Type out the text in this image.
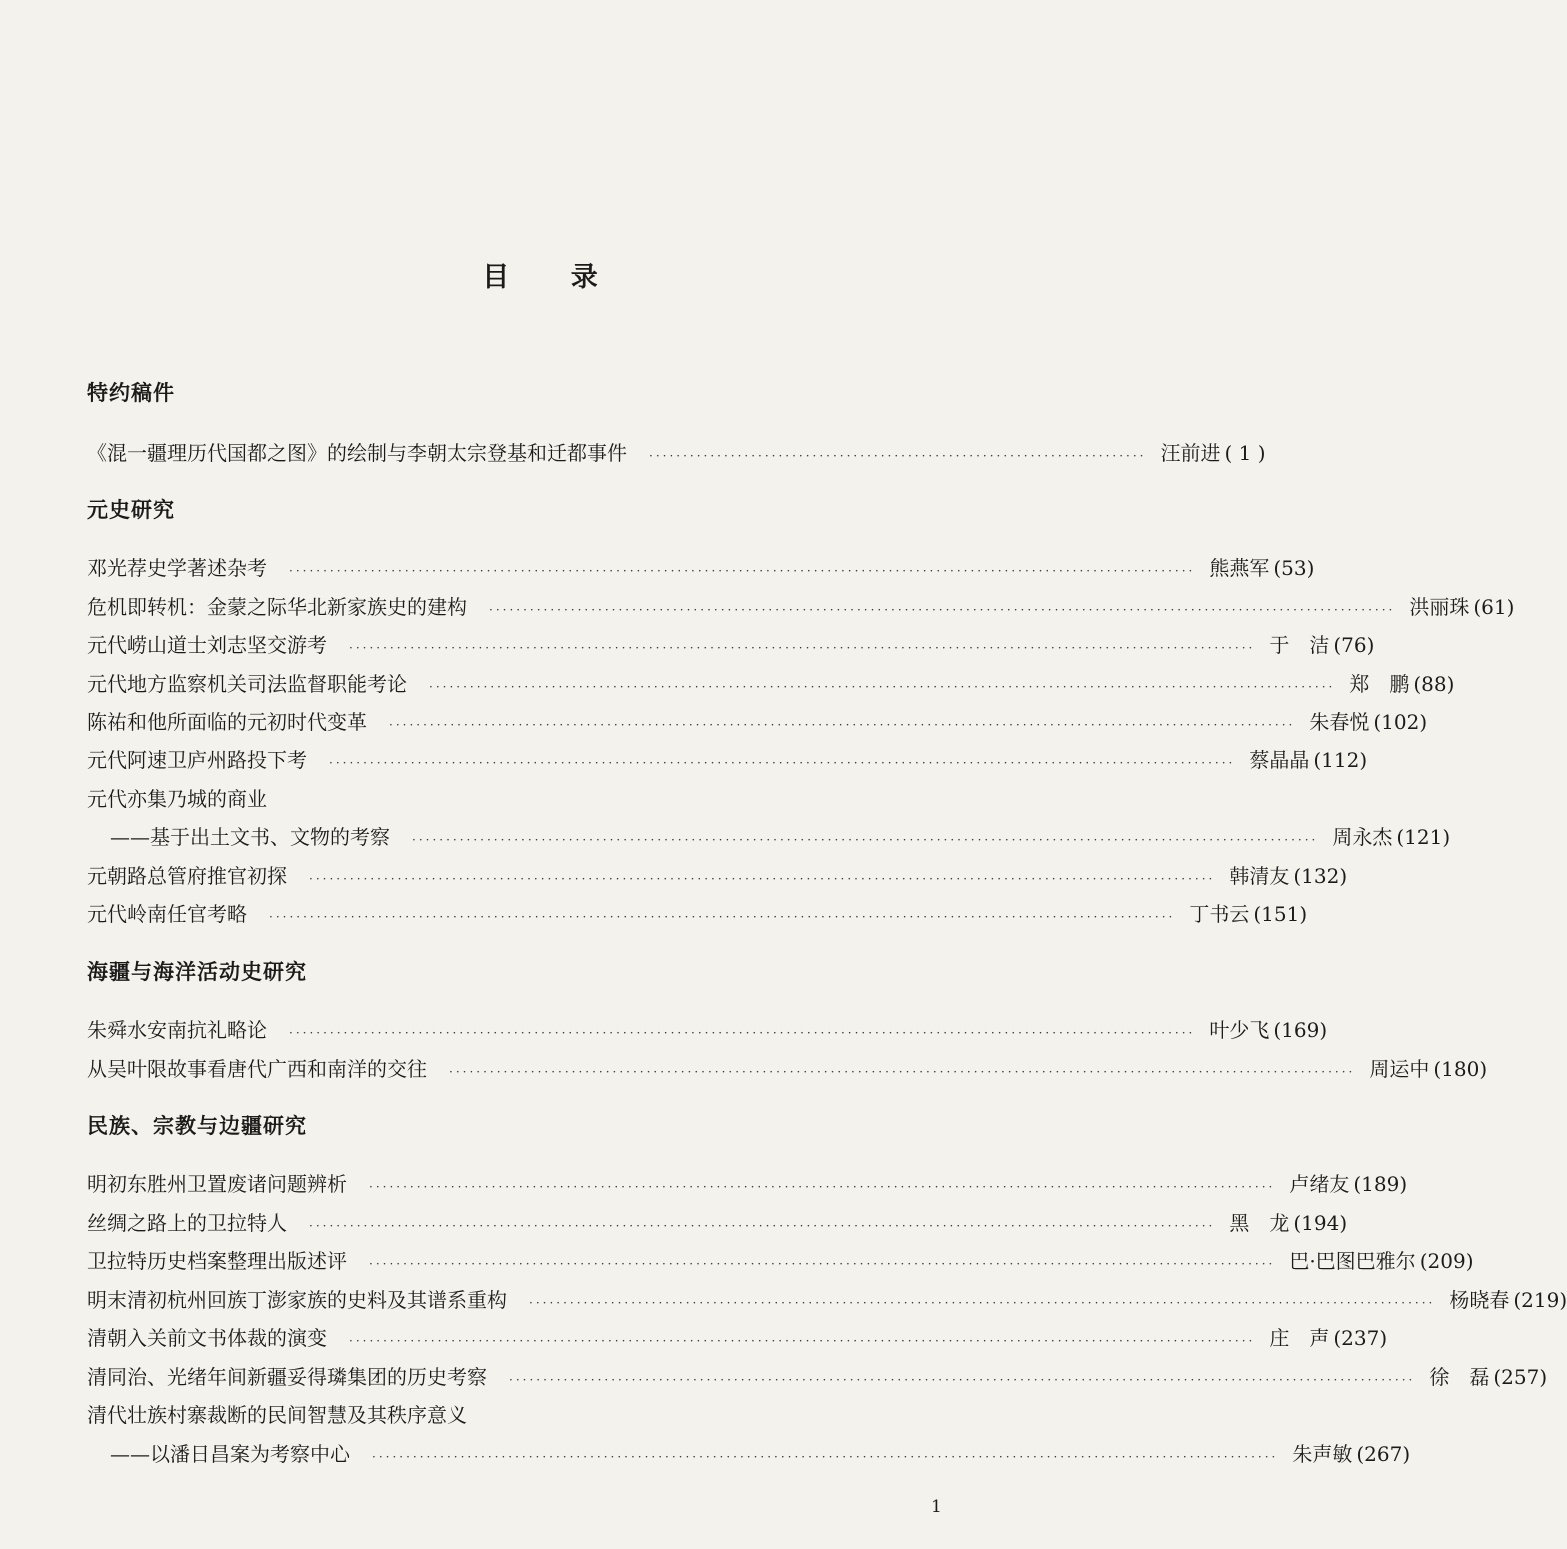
目 录
特约稿件
《混一疆理历代国都之图》的绘制与李朝太宗登基和迁都事件 ········································································· 汪前进 ( 1 )
元史研究
邓光荐史学著述杂考 ····································································································································· 熊燕军 ( 53 )
危机即转机：金蒙之际华北新家族史的建构 ····································································································································· 洪丽珠 ( 61 )
元代崂山道士刘志坚交游考 ····································································································································· 于　洁 ( 76 )
元代地方监察机关司法监督职能考论 ····································································································································· 郑　鹏 ( 88 )
陈祐和他所面临的元初时代变革 ····································································································································· 朱春悦 ( 102 )
元代阿速卫庐州路投下考 ····································································································································· 蔡晶晶 ( 112 )
元代亦集乃城的商业
——基于出土文书、文物的考察 ····································································································································· 周永杰 ( 121 )
元朝路总管府推官初探 ····································································································································· 韩清友 ( 132 )
元代岭南任官考略 ····································································································································· 丁书云 ( 151 )
海疆与海洋活动史研究
朱舜水安南抗礼略论 ····································································································································· 叶少飞 ( 169 )
从吴叶限故事看唐代广西和南洋的交往 ····································································································································· 周运中 ( 180 )
民族、宗教与边疆研究
明初东胜州卫置废诸问题辨析 ····································································································································· 卢绪友 ( 189 )
丝绸之路上的卫拉特人 ····································································································································· 黑　龙 ( 194 )
卫拉特历史档案整理出版述评 ····································································································································· 巴·巴图巴雅尔 ( 209 )
明末清初杭州回族丁澎家族的史料及其谱系重构 ····································································································································· 杨晓春 ( 219 )
清朝入关前文书体裁的演变 ····································································································································· 庄　声 ( 237 )
清同治、光绪年间新疆妥得璘集团的历史考察 ····································································································································· 徐　磊 ( 257 )
清代壮族村寨裁断的民间智慧及其秩序意义
——以潘日昌案为考察中心 ····································································································································· 朱声敏 ( 267 )
1
